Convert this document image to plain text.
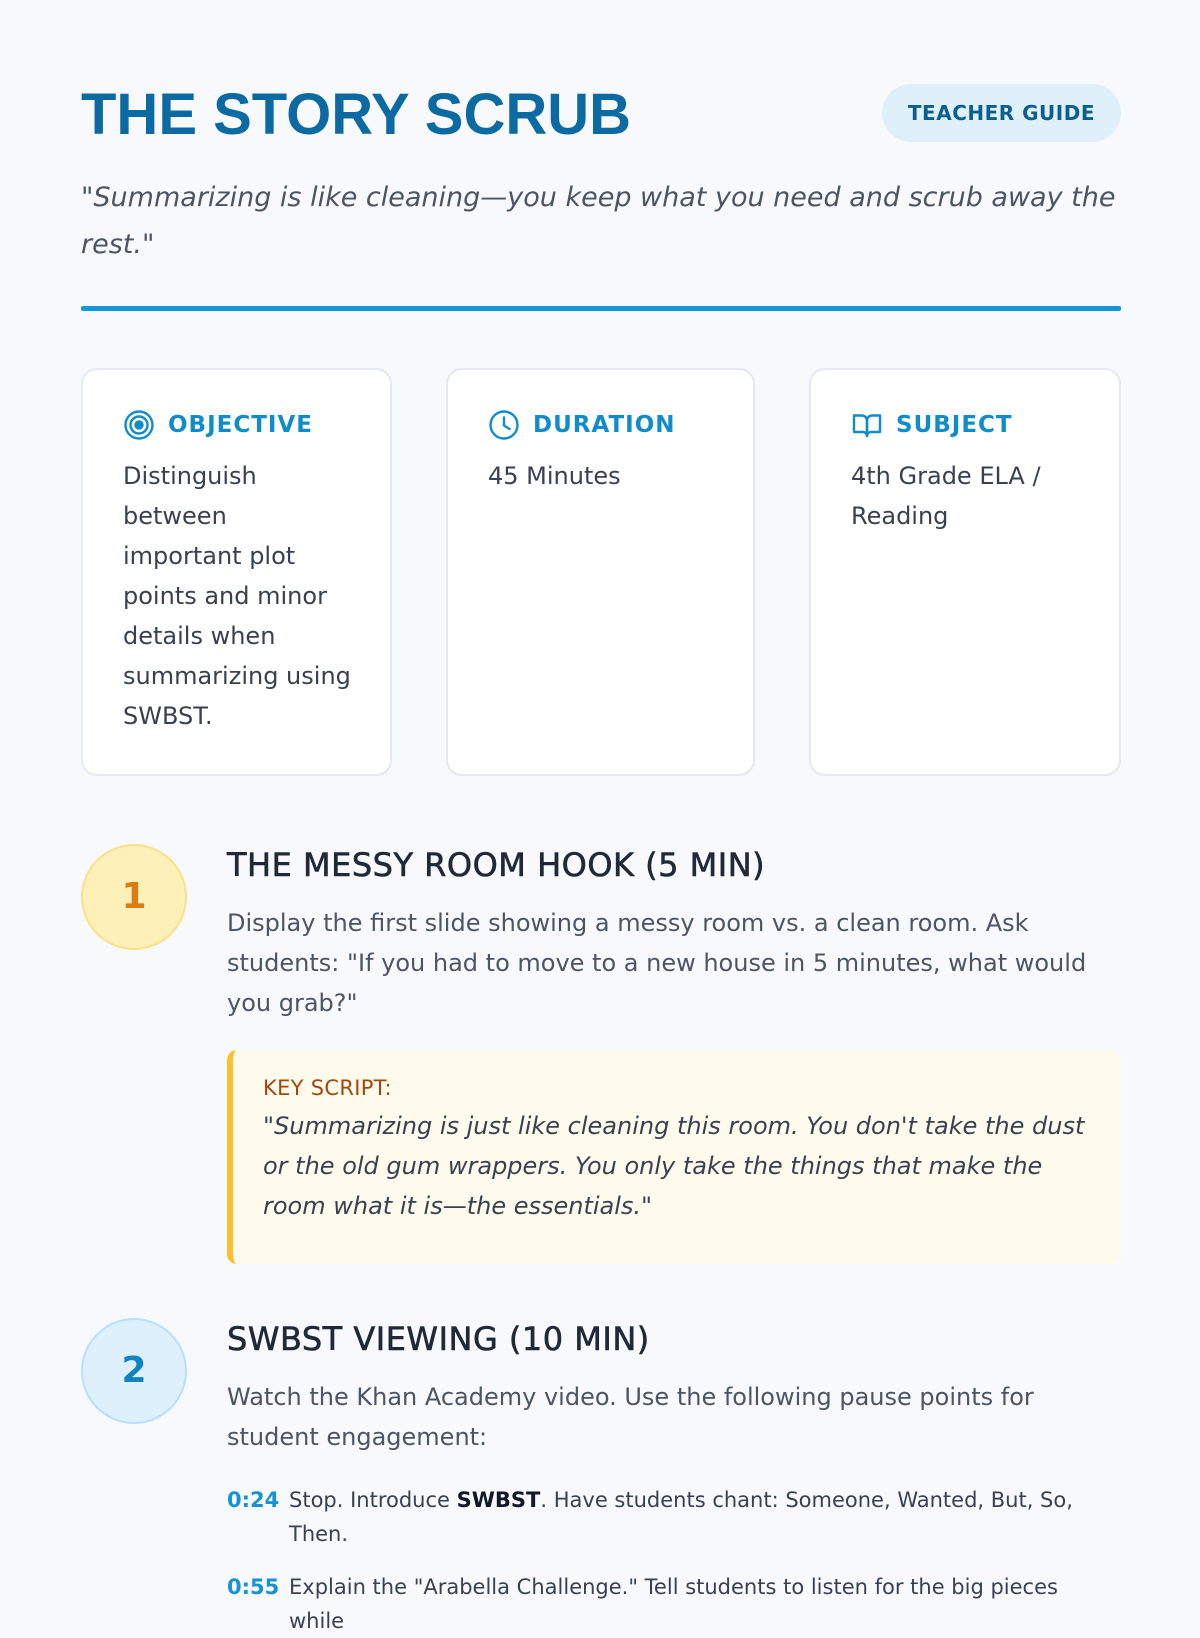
THE STORY SCRUB	TEACHER GUIDE

"Summarizing is like cleaning—you keep what you need and scrub away the rest."

OBJECTIVE

Distinguish between important plot points and minor details when summarizing using SWBST.

DURATION

45 Minutes

SUBJECT

4th Grade ELA / Reading

1
THE MESSY ROOM HOOK (5 MIN)

Display the first slide showing a messy room vs. a clean room. Ask students: "If you had to move to a new house in 5 minutes, what would you grab?"

KEY SCRIPT:

"Summarizing is just like cleaning this room. You don't take the dust or the old gum wrappers. You only take the things that make the room what it is—the essentials."

2
SWBST VIEWING (10 MIN)

Watch the Khan Academy video. Use the following pause points for student engagement:

0:24 Stop. Introduce SWBST. Have students chant: Someone, Wanted, But, So, Then.
0:55 Explain the "Arabella Challenge." Tell students to listen for the big pieces while
